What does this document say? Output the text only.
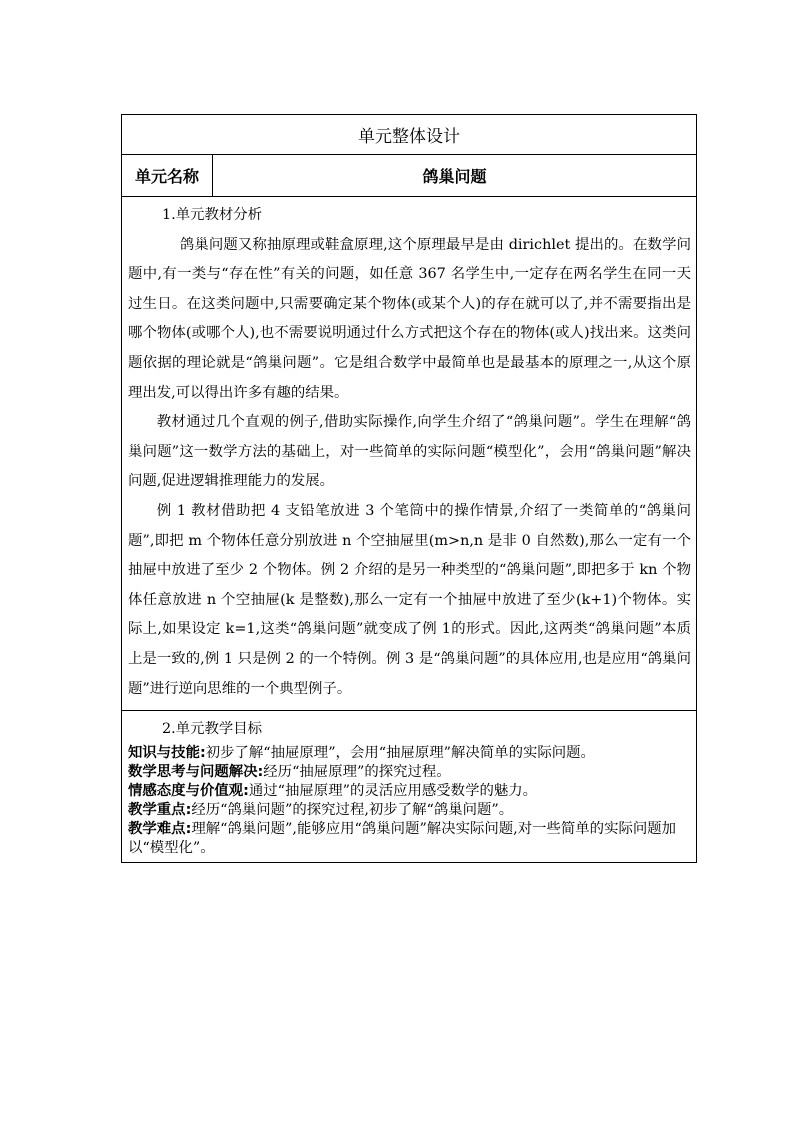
单元整体设计
单元名称	鸽巢问题
1.单元教材分析

鸽巢问题又称抽原理或鞋盒原理,这个原理最早是由 dirichlet 提出的。在数学问题中,有一类与“存在性”有关的问题，如任意 367 名学生中,一定存在两名学生在同一天过生日。在这类问题中,只需要确定某个物体(或某个人)的存在就可以了,并不需要指出是哪个物体(或哪个人),也不需要说明通过什么方式把这个存在的物体(或人)找出来。这类问题依据的理论就是“鸽巢问题”。它是组合数学中最简单也是最基本的原理之一,从这个原理出发,可以得出许多有趣的结果。

教材通过几个直观的例子,借助实际操作,向学生介绍了“鸽巢问题”。学生在理解“鸽巢问题”这一数学方法的基础上，对一些简单的实际问题“模型化”，会用“鸽巢问题”解决问题,促进逻辑推理能力的发展。

例 1 教材借助把 4 支铅笔放进 3 个笔筒中的操作情景,介绍了一类简单的“鸽巢问题”,即把 m 个物体任意分别放进 n 个空抽屉里(m>n,n 是非 0 自然数),那么一定有一个抽屉中放进了至少 2 个物体。例 2 介绍的是另一种类型的“鸽巢问题”,即把多于 kn 个物体任意放进 n 个空抽屉(k 是整数),那么一定有一个抽屉中放进了至少(k+1)个物体。实际上,如果设定 k=1,这类“鸽巢问题”就变成了例 1的形式。因此,这两类“鸽巢问题”本质上是一致的,例 1 只是例 2 的一个特例。例 3 是“鸽巢问题”的具体应用,也是应用“鸽巢问题”进行逆向思维的一个典型例子。

2.单元教学目标

知识与技能:初步了解“抽屉原理”，会用“抽屉原理”解决简单的实际问题。

数学思考与问题解决:经历“抽屉原理”的探究过程。

情感态度与价值观:通过“抽屉原理”的灵活应用感受数学的魅力。

教学重点:经历“鸽巢问题”的探究过程,初步了解“鸽巢问题”。

教学难点:理解“鸽巢问题”,能够应用“鸽巢问题”解决实际问题,对一些简单的实际问题加以“模型化”。
